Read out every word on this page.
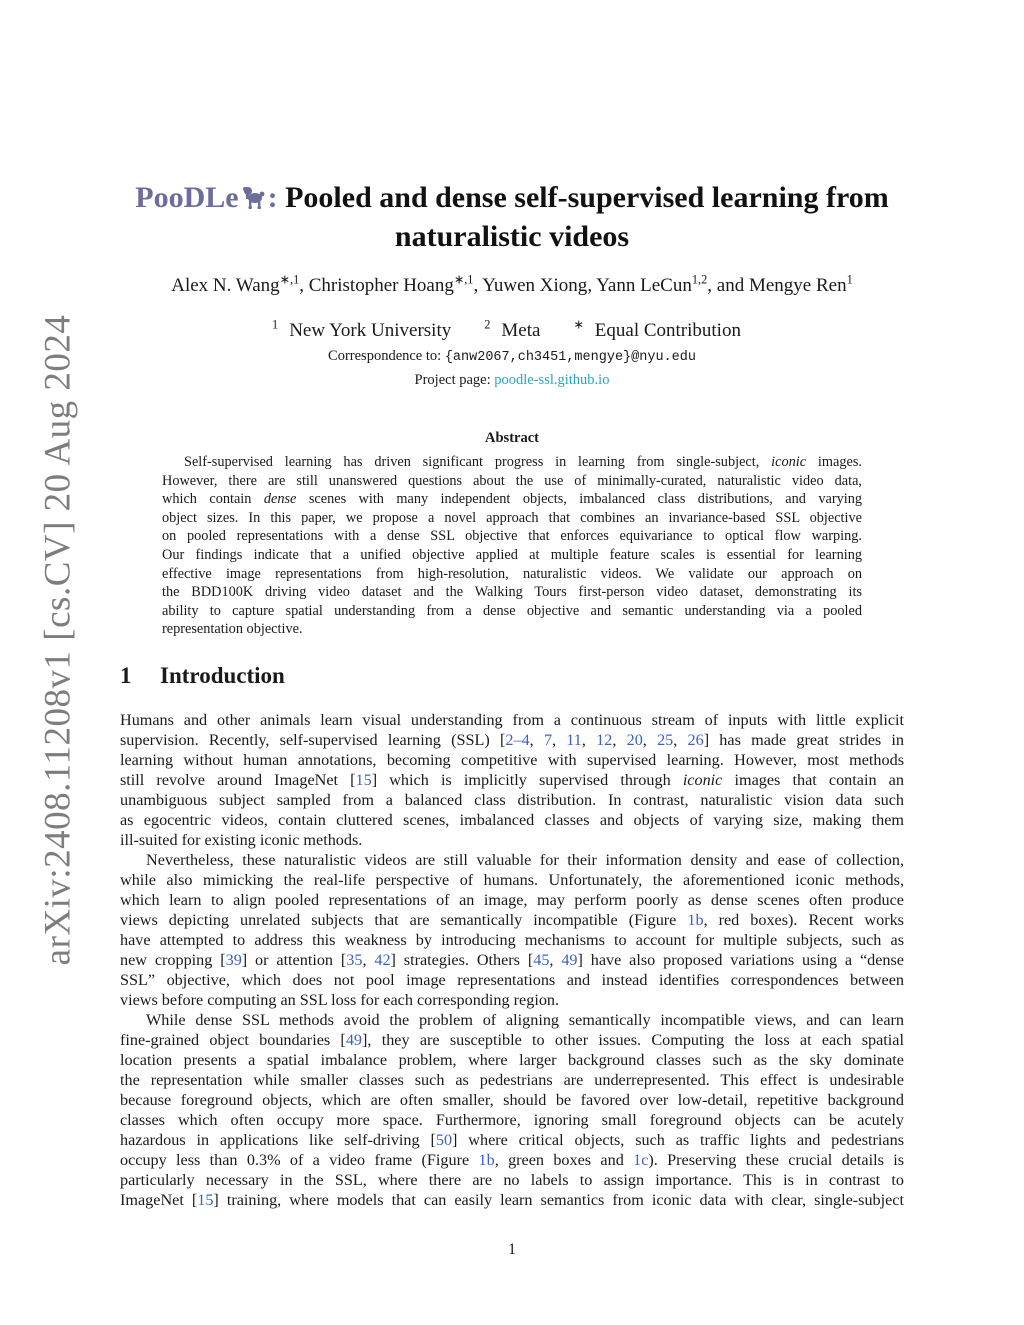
arXiv:2408.11208v1 [cs.CV] 20 Aug 2024
PooDLe : Pooled and dense self-supervised learning from
naturalistic videos
Alex N. Wang$^{∗,1}$, Christopher Hoang$^{∗,1}$, Yuwen Xiong, Yann LeCun$^{1,2}$, and Mengye Ren$^1$
$^1$ New York University	$^2$ Meta	∗ Equal Contribution
Correspondence to: {anw2067,ch3451,mengye}@nyu.edu
Project page: poodle-ssl.github.io
Abstract
Self-supervised learning has driven significant progress in learning from single-subject, iconic images.
However, there are still unanswered questions about the use of minimally-curated, naturalistic video data,
which contain dense scenes with many independent objects, imbalanced class distributions, and varying
object sizes. In this paper, we propose a novel approach that combines an invariance-based SSL objective
on pooled representations with a dense SSL objective that enforces equivariance to optical flow warping.
Our findings indicate that a unified objective applied at multiple feature scales is essential for learning
effective image representations from high-resolution, naturalistic videos. We validate our approach on
the BDD100K driving video dataset and the Walking Tours first-person video dataset, demonstrating its
ability to capture spatial understanding from a dense objective and semantic understanding via a pooled
representation objective.
1 Introduction
Humans and other animals learn visual understanding from a continuous stream of inputs with little explicit
supervision. Recently, self-supervised learning (SSL) [2–4, 7, 11, 12, 20, 25, 26] has made great strides in
learning without human annotations, becoming competitive with supervised learning. However, most methods
still revolve around ImageNet [15] which is implicitly supervised through iconic images that contain an
unambiguous subject sampled from a balanced class distribution. In contrast, naturalistic vision data such
as egocentric videos, contain cluttered scenes, imbalanced classes and objects of varying size, making them
ill-suited for existing iconic methods.
Nevertheless, these naturalistic videos are still valuable for their information density and ease of collection,
while also mimicking the real-life perspective of humans. Unfortunately, the aforementioned iconic methods,
which learn to align pooled representations of an image, may perform poorly as dense scenes often produce
views depicting unrelated subjects that are semantically incompatible (Figure 1b, red boxes). Recent works
have attempted to address this weakness by introducing mechanisms to account for multiple subjects, such as
new cropping [39] or attention [35, 42] strategies. Others [45, 49] have also proposed variations using a “dense
SSL” objective, which does not pool image representations and instead identifies correspondences between
views before computing an SSL loss for each corresponding region.
While dense SSL methods avoid the problem of aligning semantically incompatible views, and can learn
fine-grained object boundaries [49], they are susceptible to other issues. Computing the loss at each spatial
location presents a spatial imbalance problem, where larger background classes such as the sky dominate
the representation while smaller classes such as pedestrians are underrepresented. This effect is undesirable
because foreground objects, which are often smaller, should be favored over low-detail, repetitive background
classes which often occupy more space. Furthermore, ignoring small foreground objects can be acutely
hazardous in applications like self-driving [50] where critical objects, such as traffic lights and pedestrians
occupy less than 0.3% of a video frame (Figure 1b, green boxes and 1c). Preserving these crucial details is
particularly necessary in the SSL, where there are no labels to assign importance. This is in contrast to
ImageNet [15] training, where models that can easily learn semantics from iconic data with clear, single-subject
1
